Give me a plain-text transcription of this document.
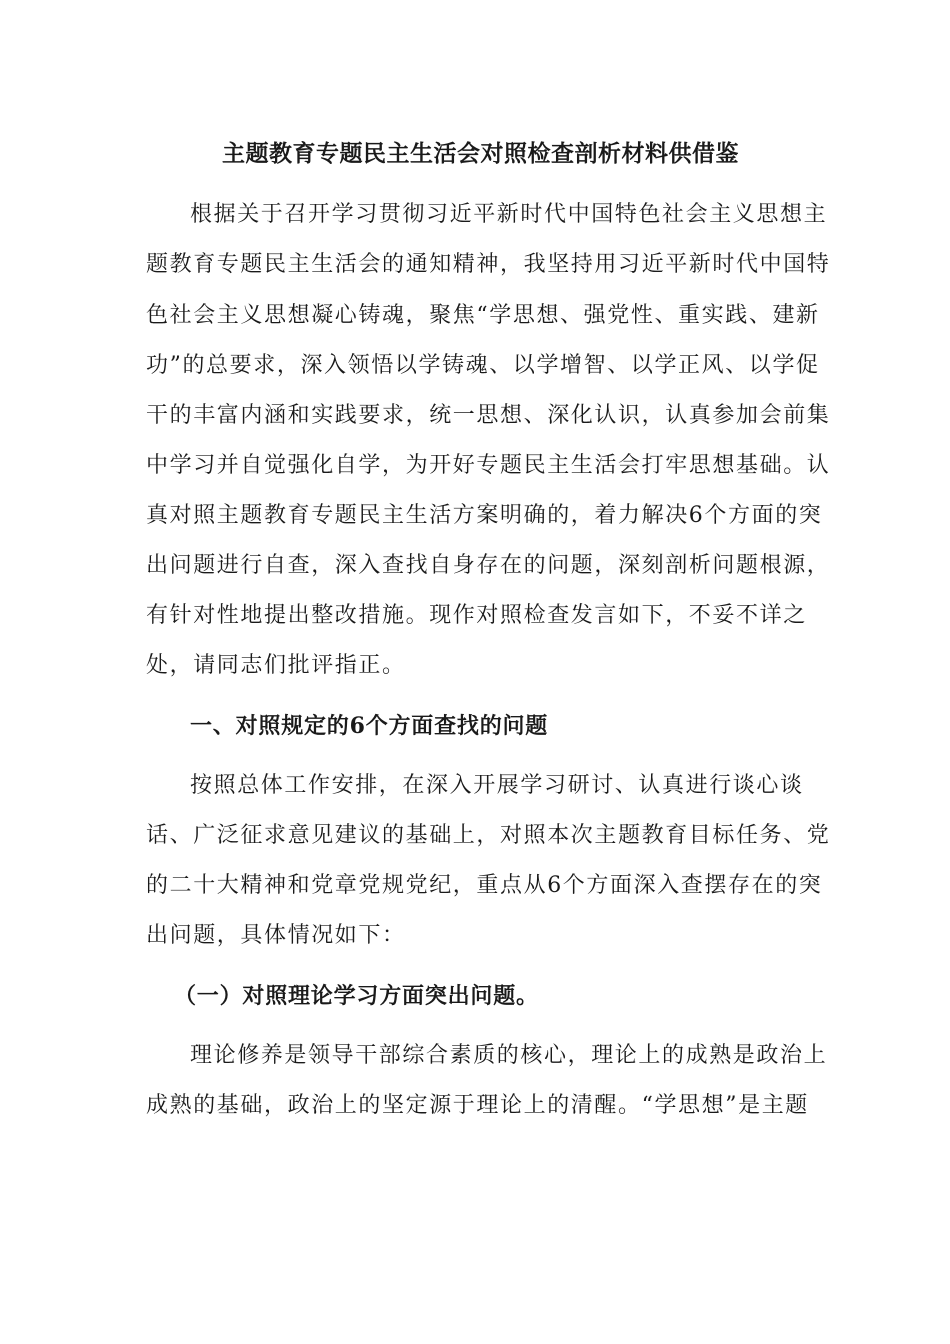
主题教育专题民主生活会对照检查剖析材料供借鉴
根据关于召开学习贯彻习近平新时代中国特色社会主义思想主
题教育专题民主生活会的通知精神，我坚持用习近平新时代中国特
色社会主义思想凝心铸魂，聚焦“学思想、强党性、重实践、建新
功”的总要求，深入领悟以学铸魂、以学增智、以学正风、以学促
干的丰富内涵和实践要求，统一思想、深化认识，认真参加会前集
中学习并自觉强化自学，为开好专题民主生活会打牢思想基础。认
真对照主题教育专题民主生活方案明确的，着力解决6个方面的突
出问题进行自查，深入查找自身存在的问题，深刻剖析问题根源，
有针对性地提出整改措施。现作对照检查发言如下，不妥不详之
处，请同志们批评指正。
一、对照规定的6个方面查找的问题
按照总体工作安排，在深入开展学习研讨、认真进行谈心谈
话、广泛征求意见建议的基础上，对照本次主题教育目标任务、党
的二十大精神和党章党规党纪，重点从6个方面深入查摆存在的突
出问题，具体情况如下：
（一）对照理论学习方面突出问题。
理论修养是领导干部综合素质的核心，理论上的成熟是政治上
成熟的基础，政治上的坚定源于理论上的清醒。“学思想”是主题
